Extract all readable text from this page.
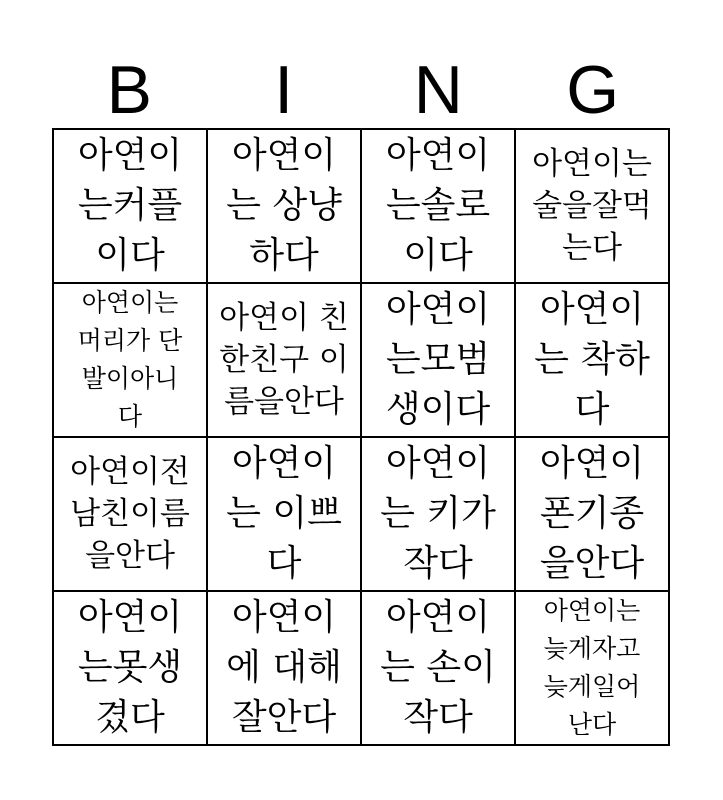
B	I	N	G
아연이
는커플
이다
아연이
는 상냥
하다
아연이
는솔로
이다
아연이는
술을잘먹
는다
아연이는
머리가 단
발이아니
다
아연이 친
한친구 이
름을안다
아연이
는모범
생이다
아연이
는 착하
다
아연이전
남친이름
을안다
아연이
는 이쁘
다
아연이
는 키가
작다
아연이
폰기종
을안다
아연이
는못생
겼다
아연이
에 대해
잘안다
아연이
는 손이
작다
아연이는
늦게자고
늦게일어
난다
